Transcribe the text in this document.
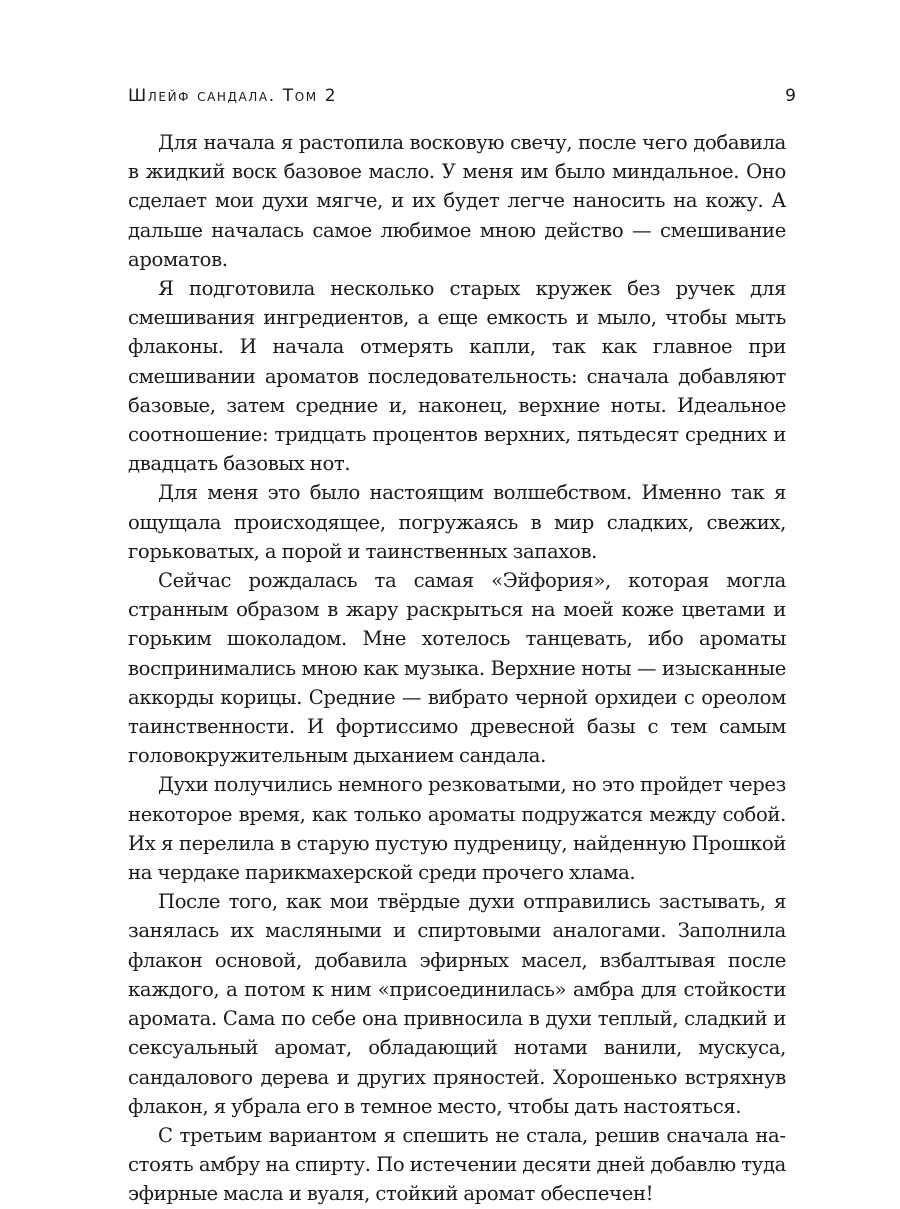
Шлейф сандала. Том 2	9

Для начала я растопила восковую свечу, после чего добавила в жидкий воск базовое масло. У меня им было миндальное. Оно сделает мои духи мягче, и их будет легче наносить на кожу. А дальше началась самое любимое мною действо — смешивание ароматов.

Я подготовила несколько старых кружек без ручек для смешивания ингредиентов, а еще емкость и мыло, чтобы мыть флаконы. И начала отмерять капли, так как главное при смешивании ароматов последовательность: сначала добавляют базовые, затем средние и, наконец, верхние ноты. Идеальное соотношение: тридцать процентов верхних, пятьдесят средних и двадцать базовых нот.

Для меня это было настоящим волшебством. Именно так я ощущала происходящее, погружаясь в мир сладких, свежих, горьковатых, а порой и таинственных запахов.

Сейчас рождалась та самая «Эйфория», которая могла странным образом в жару раскрыться на моей коже цветами и горьким шоколадом. Мне хотелось танцевать, ибо ароматы воспринимались мною как музыка. Верхние ноты — изысканные аккорды корицы. Средние — вибрато черной орхидеи с ореолом таинственности. И фортиссимо древесной базы с тем самым головокружительным дыханием сандала.

Духи получились немного резковатыми, но это пройдет через некоторое время, как только ароматы подружатся между собой. Их я перелила в старую пустую пудреницу, найденную Прошкой на чердаке парикмахерской среди прочего хлама.

После того, как мои твёрдые духи отправились застывать, я занялась их масляными и спиртовыми аналогами. Заполнила флакон основой, добавила эфирных масел, взбалтывая после каждого, а потом к ним «присоединилась» амбра для стойкости аромата. Сама по себе она привносила в духи теплый, сладкий и сексуальный аромат, обладающий нотами ванили, мускуса, сандалового дерева и других пряностей. Хорошенько встряхнув флакон, я убрала его в темное место, чтобы дать настояться.

С третьим вариантом я спешить не стала, решив сначала настоять амбру на спирту. По истечении десяти дней добавлю туда эфирные масла и вуаля, стойкий аромат обеспечен!
